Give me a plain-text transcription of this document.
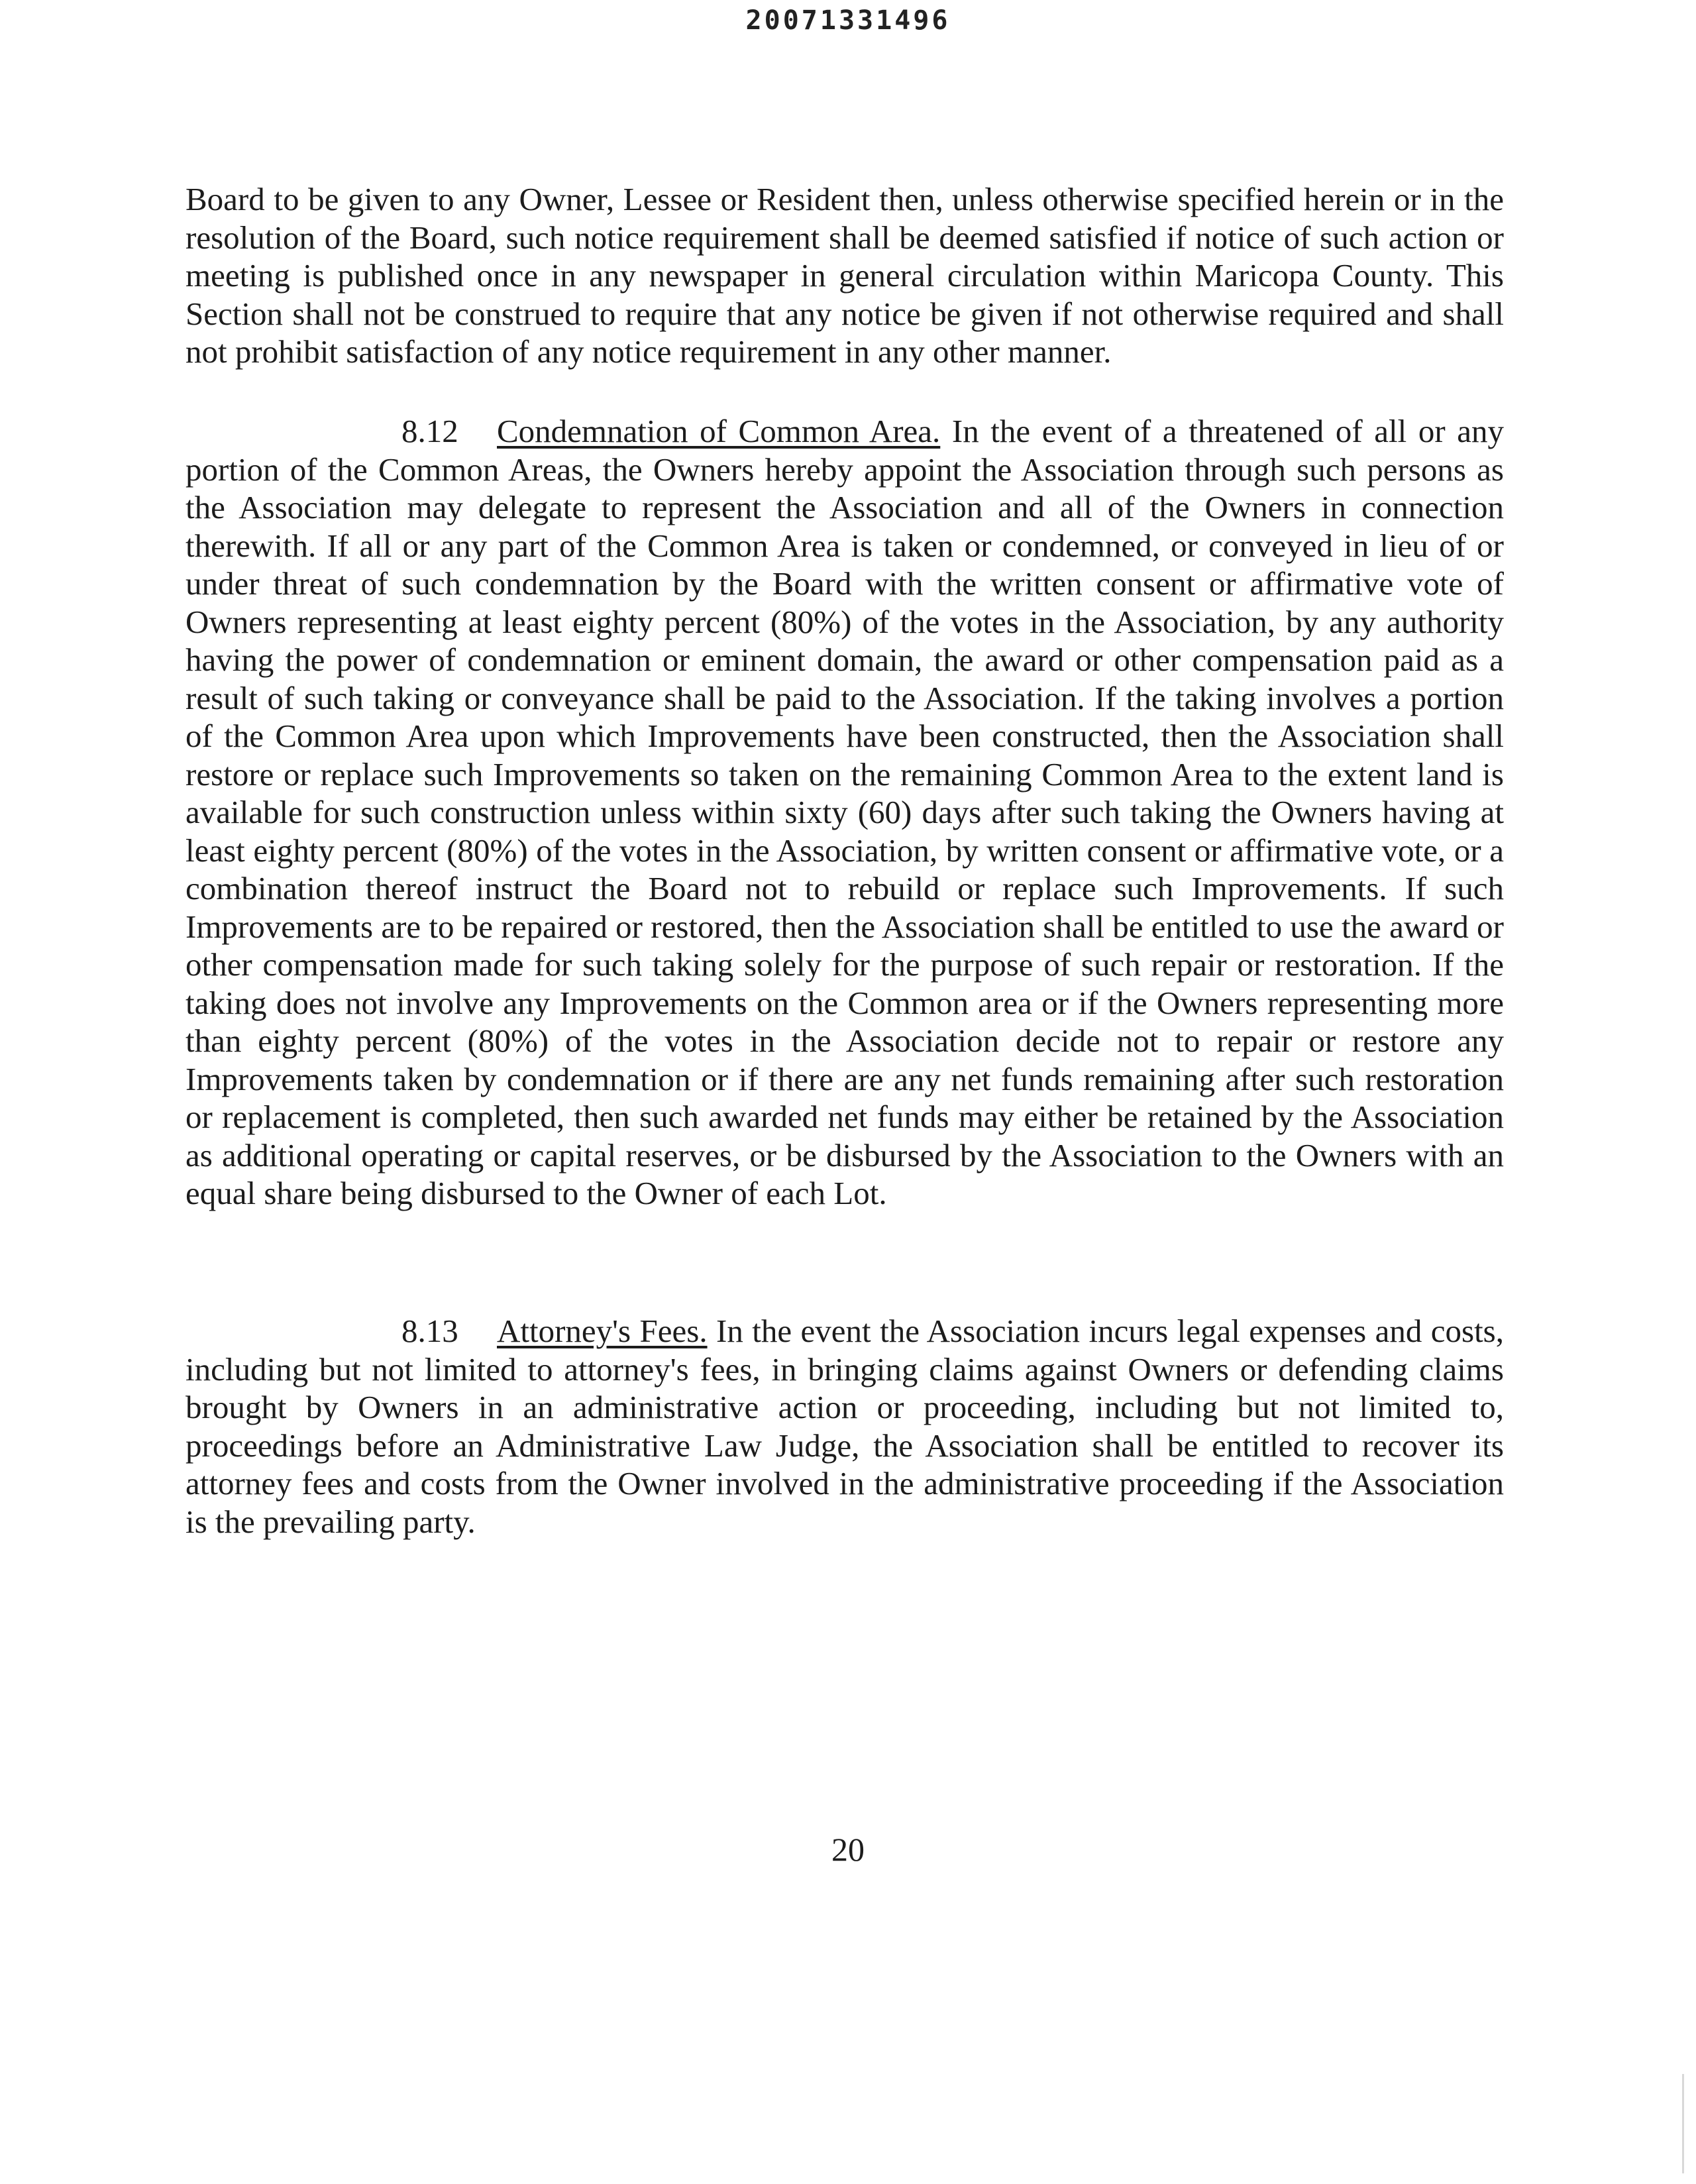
20071331496

Board to be given to any Owner, Lessee or Resident then, unless otherwise specified herein or in the resolution of the Board, such notice requirement shall be deemed satisfied if notice of such action or meeting is published once in any newspaper in general circulation within Maricopa County. This Section shall not be construed to require that any notice be given if not otherwise required and shall not prohibit satisfaction of any notice requirement in any other manner.

8.12 Condemnation of Common Area. In the event of a threatened of all or any portion of the Common Areas, the Owners hereby appoint the Association through such persons as the Association may delegate to represent the Association and all of the Owners in connection therewith. If all or any part of the Common Area is taken or condemned, or conveyed in lieu of or under threat of such condemnation by the Board with the written consent or affirmative vote of Owners representing at least eighty percent (80%) of the votes in the Association, by any authority having the power of condemnation or eminent domain, the award or other compensation paid as a result of such taking or conveyance shall be paid to the Association. If the taking involves a portion of the Common Area upon which Improvements have been constructed, then the Association shall restore or replace such Improvements so taken on the remaining Common Area to the extent land is available for such construction unless within sixty (60) days after such taking the Owners having at least eighty percent (80%) of the votes in the Association, by written consent or affirmative vote, or a combination thereof instruct the Board not to rebuild or replace such Improvements. If such Improvements are to be repaired or restored, then the Association shall be entitled to use the award or other compensation made for such taking solely for the purpose of such repair or restoration. If the taking does not involve any Improvements on the Common area or if the Owners representing more than eighty percent (80%) of the votes in the Association decide not to repair or restore any Improvements taken by condemnation or if there are any net funds remaining after such restoration or replacement is completed, then such awarded net funds may either be retained by the Association as additional operating or capital reserves, or be disbursed by the Association to the Owners with an equal share being disbursed to the Owner of each Lot.

8.13 Attorney's Fees. In the event the Association incurs legal expenses and costs, including but not limited to attorney's fees, in bringing claims against Owners or defending claims brought by Owners in an administrative action or proceeding, including but not limited to, proceedings before an Administrative Law Judge, the Association shall be entitled to recover its attorney fees and costs from the Owner involved in the administrative proceeding if the Association is the prevailing party.

20
